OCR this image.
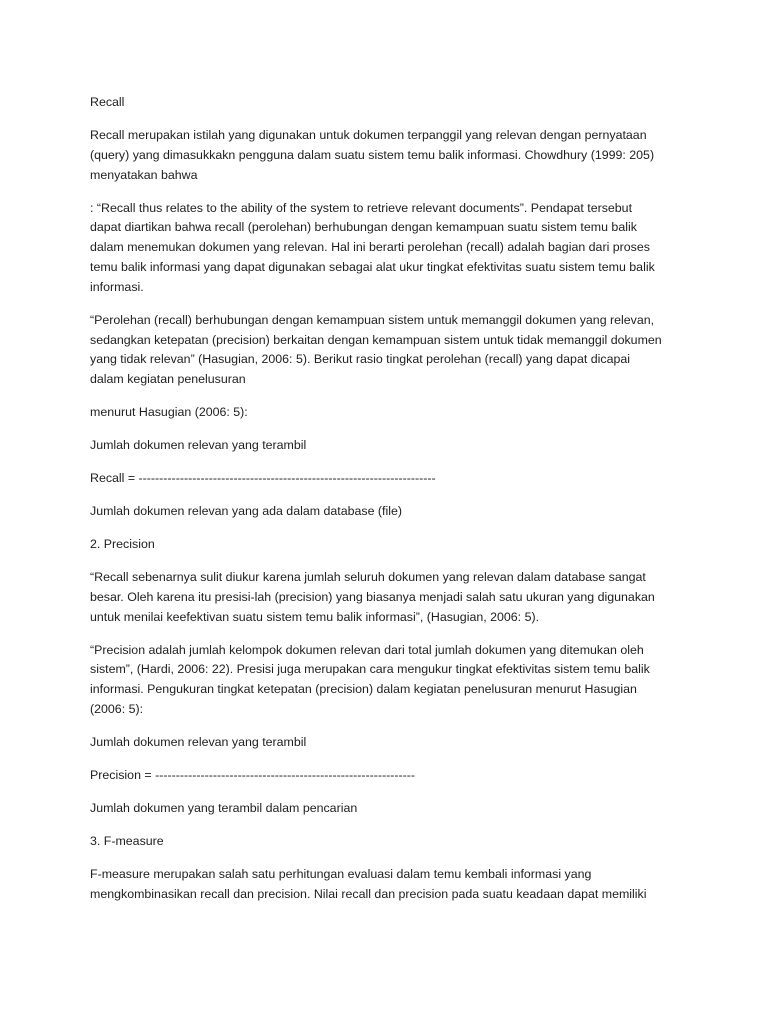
Recall

Recall merupakan istilah yang digunakan untuk dokumen terpanggil yang relevan dengan pernyataan
(query) yang dimasukkakn pengguna dalam suatu sistem temu balik informasi. Chowdhury (1999: 205)
menyatakan bahwa

: “Recall thus relates to the ability of the system to retrieve relevant documents”. Pendapat tersebut
dapat diartikan bahwa recall (perolehan) berhubungan dengan kemampuan suatu sistem temu balik
dalam menemukan dokumen yang relevan. Hal ini berarti perolehan (recall) adalah bagian dari proses
temu balik informasi yang dapat digunakan sebagai alat ukur tingkat efektivitas suatu sistem temu balik
informasi.

“Perolehan (recall) berhubungan dengan kemampuan sistem untuk memanggil dokumen yang relevan,
sedangkan ketepatan (precision) berkaitan dengan kemampuan sistem untuk tidak memanggil dokumen
yang tidak relevan” (Hasugian, 2006: 5). Berikut rasio tingkat perolehan (recall) yang dapat dicapai
dalam kegiatan penelusuran

menurut Hasugian (2006: 5):

Jumlah dokumen relevan yang terambil

Recall = ------------------------------------------------------------------------

Jumlah dokumen relevan yang ada dalam database (file)

2. Precision

“Recall sebenarnya sulit diukur karena jumlah seluruh dokumen yang relevan dalam database sangat
besar. Oleh karena itu presisi-lah (precision) yang biasanya menjadi salah satu ukuran yang digunakan
untuk menilai keefektivan suatu sistem temu balik informasi”, (Hasugian, 2006: 5).

“Precision adalah jumlah kelompok dokumen relevan dari total jumlah dokumen yang ditemukan oleh
sistem”, (Hardi, 2006: 22). Presisi juga merupakan cara mengukur tingkat efektivitas sistem temu balik
informasi. Pengukuran tingkat ketepatan (precision) dalam kegiatan penelusuran menurut Hasugian
(2006: 5):

Jumlah dokumen relevan yang terambil

Precision = ---------------------------------------------------------------

Jumlah dokumen yang terambil dalam pencarian

3. F-measure

F-measure merupakan salah satu perhitungan evaluasi dalam temu kembali informasi yang
mengkombinasikan recall dan precision. Nilai recall dan precision pada suatu keadaan dapat memiliki
